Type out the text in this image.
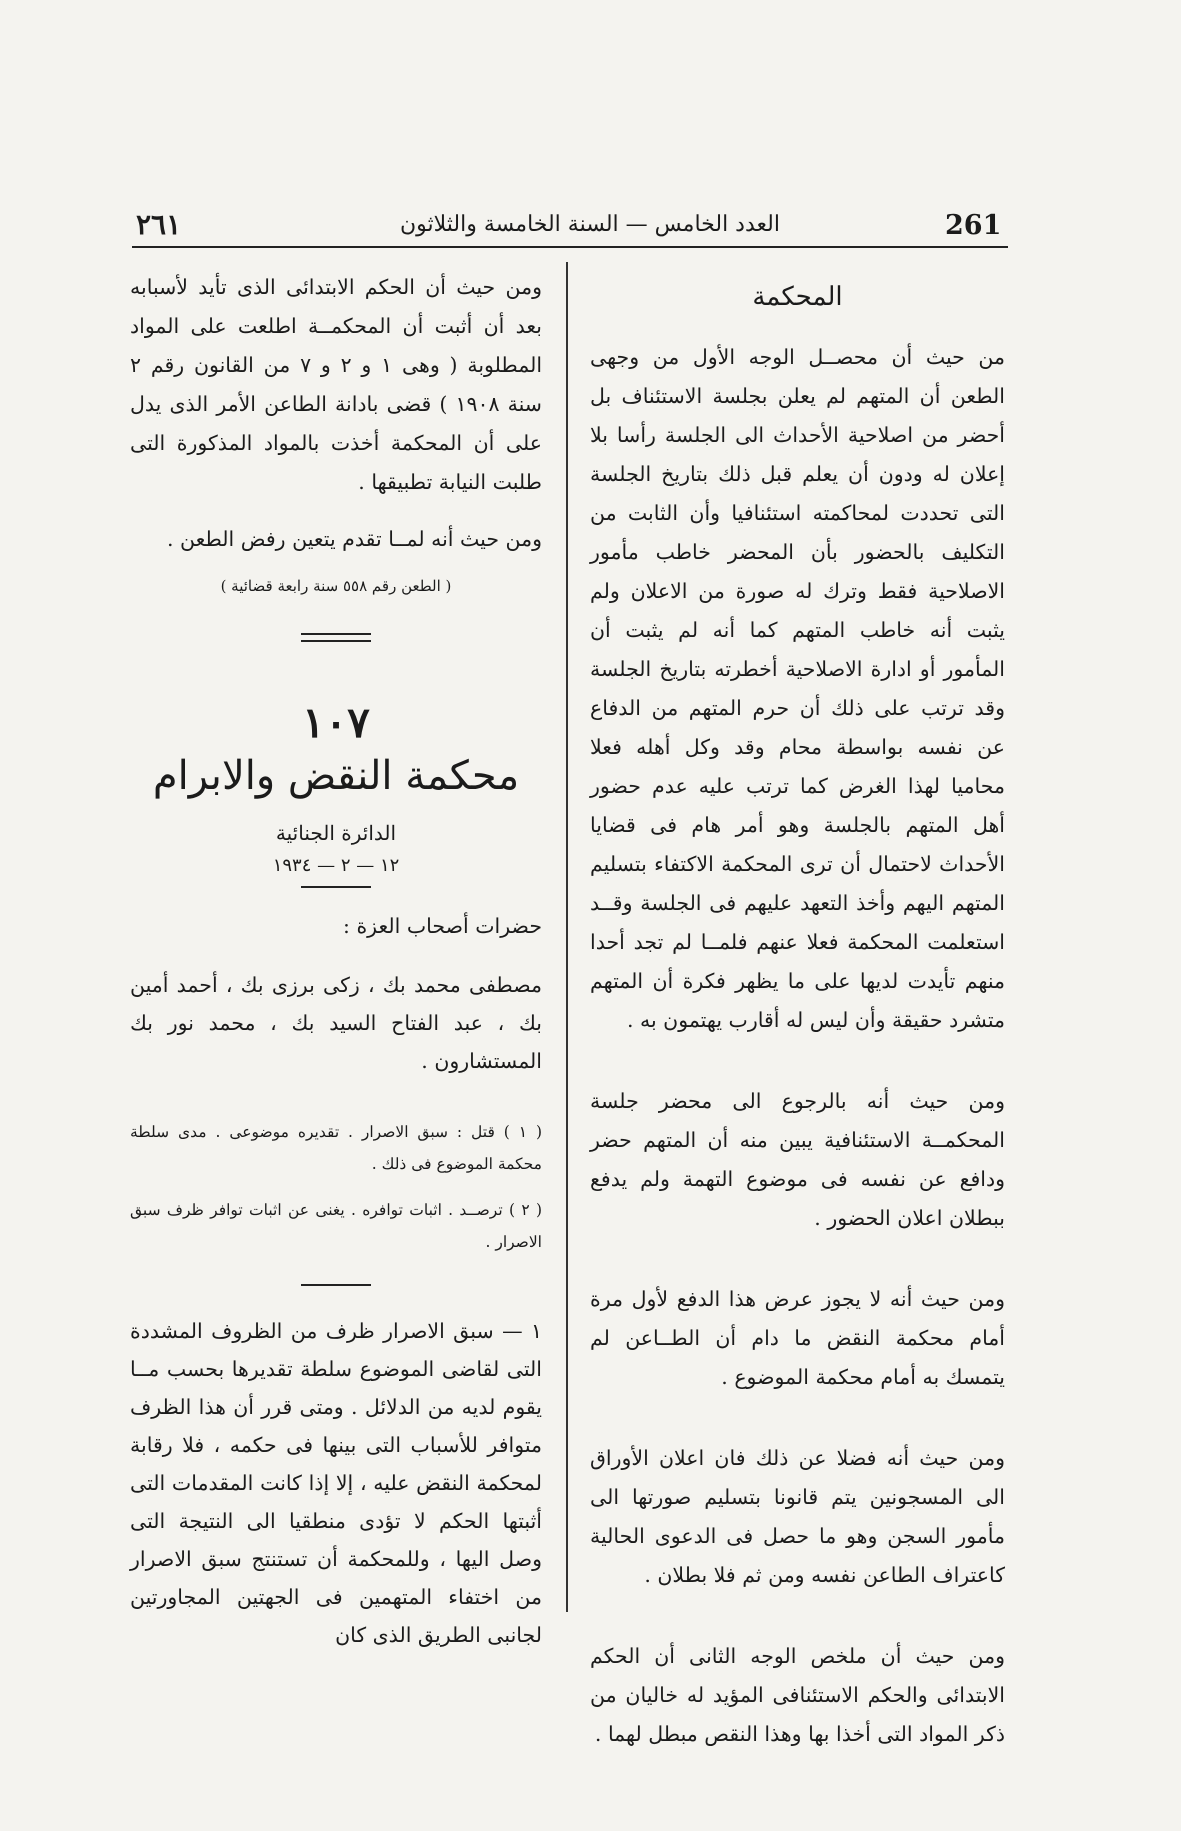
261
العدد الخامس — السنة الخامسة والثلاثون
٢٦١
المحكمة

من حيث أن محصــل الوجه الأول من وجهى الطعن أن المتهم لم يعلن بجلسة الاستئناف بل أحضر من اصلاحية الأحداث الى الجلسة رأسا بلا إعلان له ودون أن يعلم قبل ذلك بتاريخ الجلسة التى تحددت لمحاكمته استئنافيا وأن الثابت من التكليف بالحضور بأن المحضر خاطب مأمور الاصلاحية فقط وترك له صورة من الاعلان ولم يثبت أنه خاطب المتهم كما أنه لم يثبت أن المأمور أو ادارة الاصلاحية أخطرته بتاريخ الجلسة وقد ترتب على ذلك أن حرم المتهم من الدفاع عن نفسه بواسطة محام وقد وكل أهله فعلا محاميا لهذا الغرض كما ترتب عليه عدم حضور أهل المتهم بالجلسة وهو أمر هام فى قضايا الأحداث لاحتمال أن ترى المحكمة الاكتفاء بتسليم المتهم اليهم وأخذ التعهد عليهم فى الجلسة وقــد استعلمت المحكمة فعلا عنهم فلمــا لم تجد أحدا منهم تأيدت لديها على ما يظهر فكرة أن المتهم متشرد حقيقة وأن ليس له أقارب يهتمون به .

ومن حيث أنه بالرجوع الى محضر جلسة المحكمــة الاستئنافية يبين منه أن المتهم حضر ودافع عن نفسه فى موضوع التهمة ولم يدفع ببطلان اعلان الحضور .

ومن حيث أنه لا يجوز عرض هذا الدفع لأول مرة أمام محكمة النقض ما دام أن الطــاعن لم يتمسك به أمام محكمة الموضوع .

ومن حيث أنه فضلا عن ذلك فان اعلان الأوراق الى المسجونين يتم قانونا بتسليم صورتها الى مأمور السجن وهو ما حصل فى الدعوى الحالية كاعتراف الطاعن نفسه ومن ثم فلا بطلان .

ومن حيث أن ملخص الوجه الثانى أن الحكم الابتدائى والحكم الاستئنافى المؤيد له خاليان من ذكر المواد التى أخذا بها وهذا النقص مبطل لهما .

ومن حيث أن الحكم الابتدائى الذى تأيد لأسبابه بعد أن أثبت أن المحكمــة اطلعت على المواد المطلوبة ( وهى ١ و ٢ و ٧ من القانون رقم ٢ سنة ١٩٠٨ ) قضى بادانة الطاعن الأمر الذى يدل على أن المحكمة أخذت بالمواد المذكورة التى طلبت النيابة تطبيقها .

ومن حيث أنه لمــا تقدم يتعين رفض الطعن .

( الطعن رقم ٥٥٨ سنة رابعة قضائية )
١٠٧
محكمة النقض والابرام
الدائرة الجنائية
١٢ — ٢ — ١٩٣٤
حضرات أصحاب العزة :
مصطفى محمد بك ، زكى برزى بك ، أحمد أمين بك ، عبد الفتاح السيد بك ، محمد نور بك المستشارون .
( ١ ) قتل : سبق الاصرار . تقديره موضوعى . مدى سلطة محكمة الموضوع فى ذلك .
( ٢ ) ترصــد . اثبات توافره . يغنى عن اثبات توافر ظرف سبق الاصرار .

١ — سبق الاصرار ظرف من الظروف المشددة التى لقاضى الموضوع سلطة تقديرها بحسب مــا يقوم لديه من الدلائل . ومتى قرر أن هذا الظرف متوافر للأسباب التى بينها فى حكمه ، فلا رقابة لمحكمة النقض عليه ، إلا إذا كانت المقدمات التى أثبتها الحكم لا تؤدى منطقيا الى النتيجة التى وصل اليها ، وللمحكمة أن تستنتج سبق الاصرار من اختفاء المتهمين فى الجهتين المجاورتين لجانبى الطريق الذى كان
